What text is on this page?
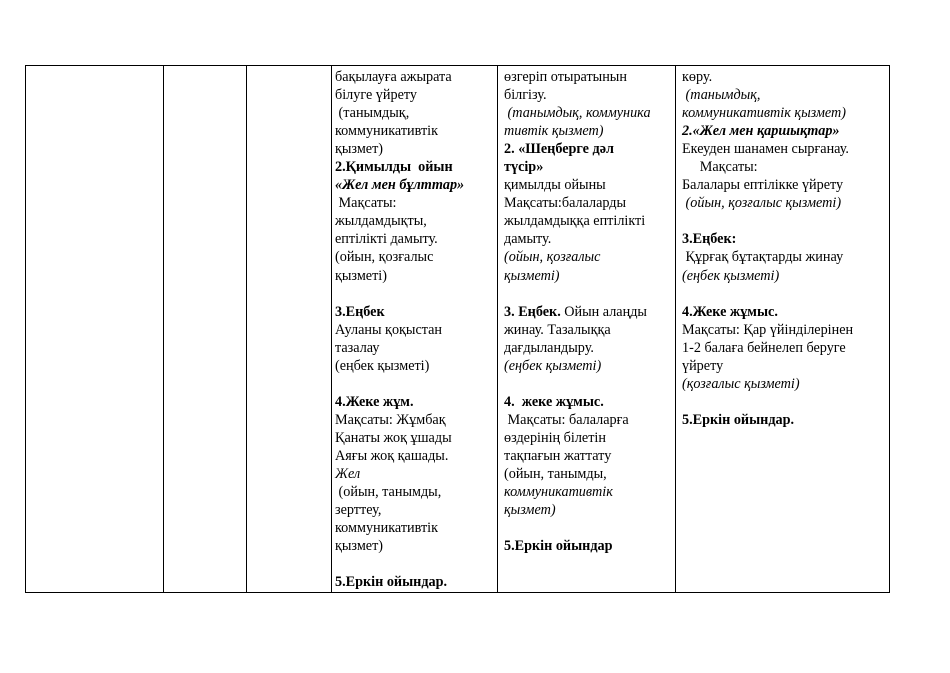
бақылауға ажырата
білуге үйрету
(танымдық,
коммуникативтік
қызмет)
2.Қимылды  ойын
«Жел мен бұлттар»
Мақсаты:
жылдамдықты,
ептілікті дамыту.
(ойын, қозғалыс
қызметі)
3.Еңбек
Ауланы қоқыстан
тазалау
(еңбек қызметі)
4.Жеке жұм.
Мақсаты: Жұмбақ
Қанаты жоқ ұшады
Аяғы жоқ қашады.
Жел
(ойын, танымды,
зерттеу,
коммуникативтік
қызмет)
5.Еркін ойындар.
өзгеріп отыратынын
білгізу.
(танымдық, коммуника
тивтік қызмет)
2. «Шеңберге дәл
түсір»
қимылды ойыны
Мақсаты:балаларды
жылдамдыққа ептілікті
дамыту.
(ойын, қозғалыс
қызметі)
3. Еңбек. Ойын алаңды
жинау. Тазалыққа
дағдыландыру.
(еңбек қызметі)
4.  жеке жұмыс.
Мақсаты: балаларға
өздерінің білетін
тақпағын жаттату
(ойын, танымды,
коммуникативтік
қызмет)
5.Еркін ойындар
көру.
(танымдық,
коммуникативтік қызмет)
2.«Жел мен қаршықтар»
Екеуден шанамен сырғанау.
Мақсаты:
Балалары ептілікке үйрету
(ойын, қозғалыс қызметі)
3.Еңбек:
Құрғақ бұтақтарды жинау
(еңбек қызметі)
4.Жеке жұмыс.
Мақсаты: Қар үйінділерінен
1-2 балаға бейнелеп беруге
үйрету
(қозғалыс қызметі)
5.Еркін ойындар.
